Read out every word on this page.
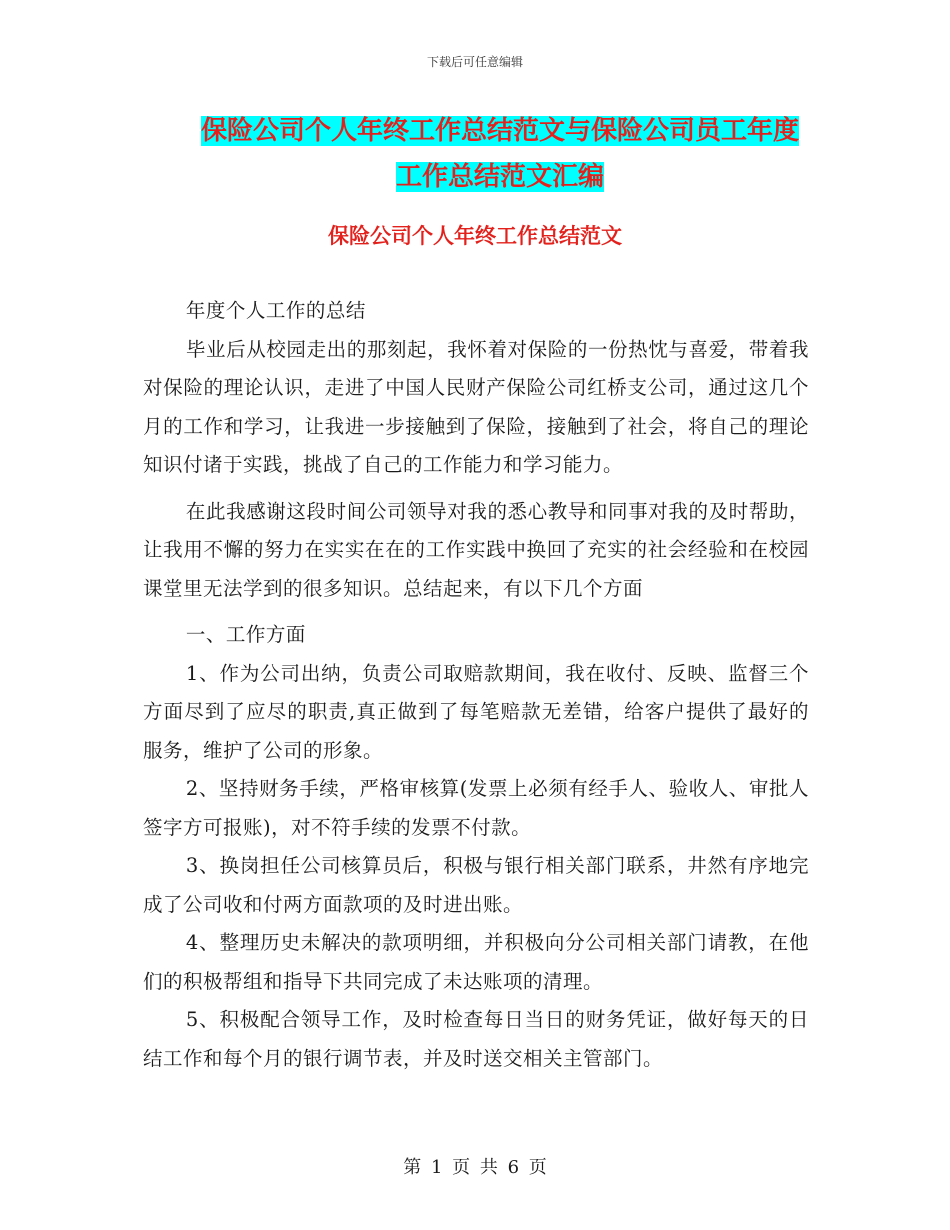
下载后可任意编辑
保险公司个人年终工作总结范文与保险公司员工年度
工作总结范文汇编
保险公司个人年终工作总结范文

年度个人工作的总结

毕业后从校园走出的那刻起，我怀着对保险的一份热忱与喜爱，带着我对保险的理论认识，走进了中国人民财产保险公司红桥支公司，通过这几个月的工作和学习，让我进一步接触到了保险，接触到了社会，将自己的理论知识付诸于实践，挑战了自己的工作能力和学习能力。

在此我感谢这段时间公司领导对我的悉心教导和同事对我的及时帮助，让我用不懈的努力在实实在在的工作实践中换回了充实的社会经验和在校园课堂里无法学到的很多知识。总结起来，有以下几个方面

一、工作方面

1、作为公司出纳，负责公司取赔款期间，我在收付、反映、监督三个方面尽到了应尽的职责,真正做到了每笔赔款无差错，给客户提供了最好的服务，维护了公司的形象。

2、坚持财务手续，严格审核算(发票上必须有经手人、验收人、审批人签字方可报账)，对不符手续的发票不付款。

3、换岗担任公司核算员后，积极与银行相关部门联系，井然有序地完成了公司收和付两方面款项的及时进出账。

4、整理历史未解决的款项明细，并积极向分公司相关部门请教，在他们的积极帮组和指导下共同完成了未达账项的清理。

5、积极配合领导工作，及时检查每日当日的财务凭证，做好每天的日结工作和每个月的银行调节表，并及时送交相关主管部门。

第 1 页 共 6 页
